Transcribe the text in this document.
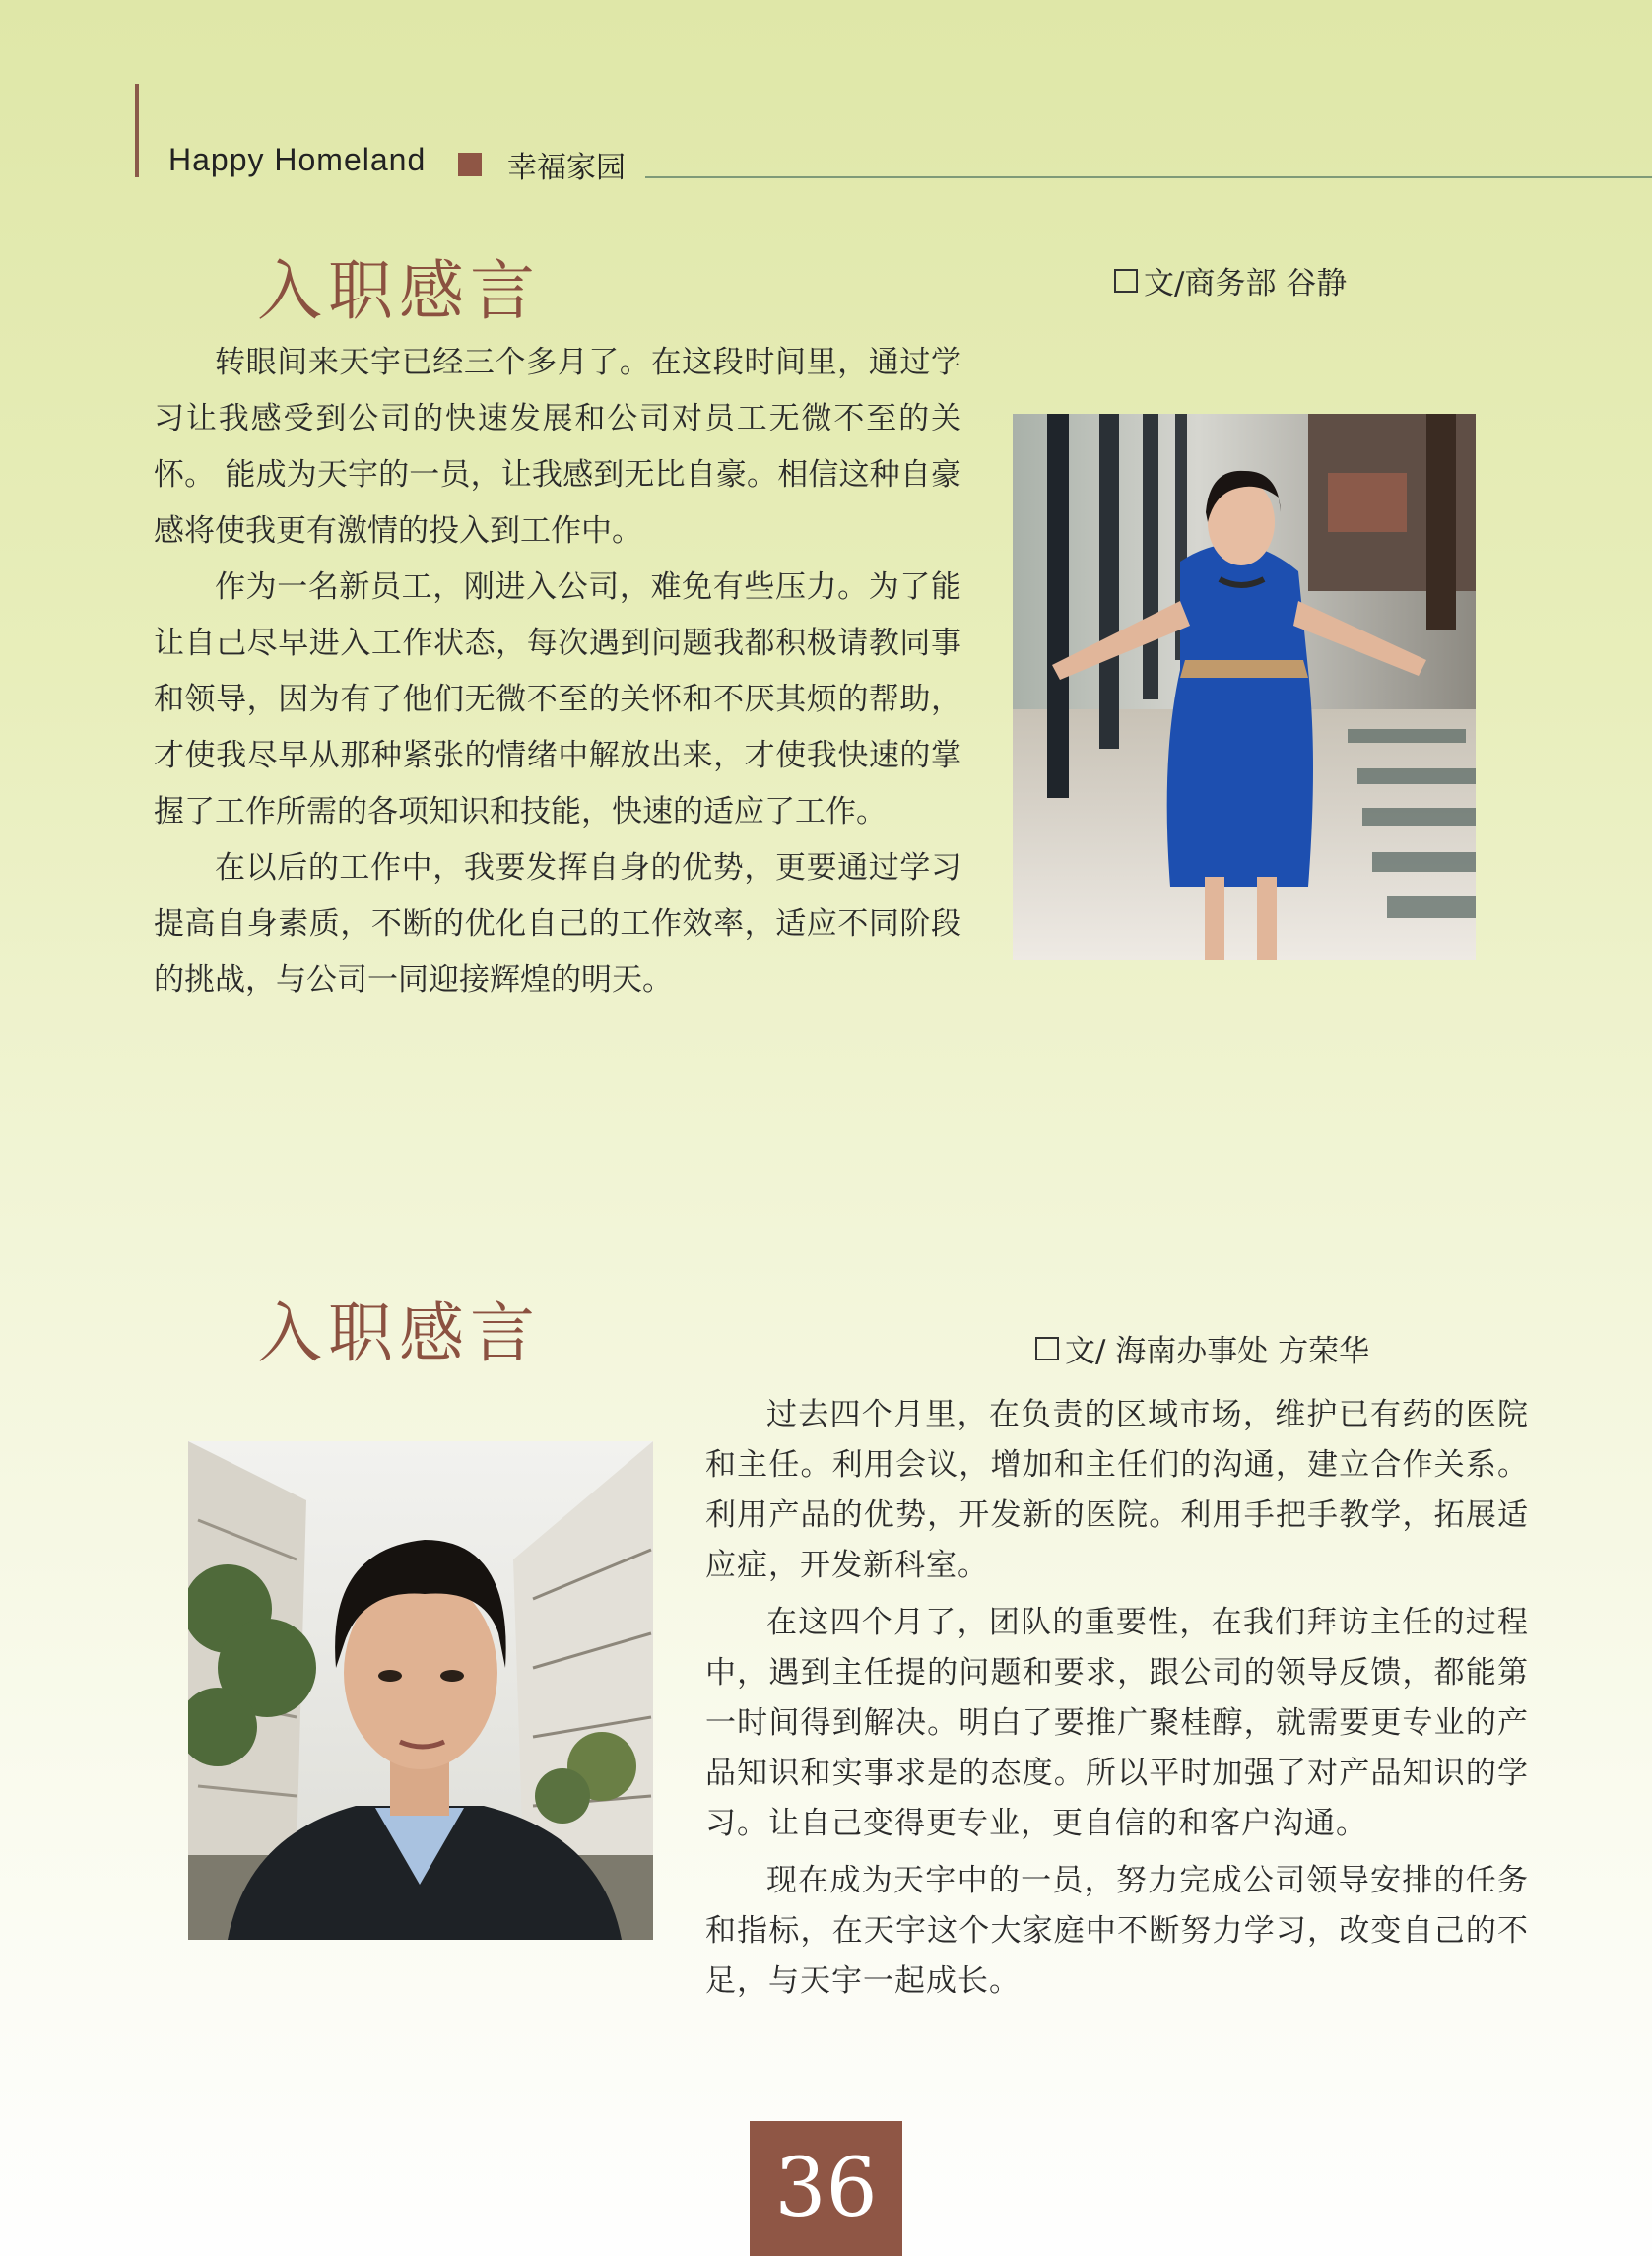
Happy Homeland	幸福家园
入职感言	文/商务部 谷静

转眼间来天宇已经三个多月了。在这段时间里，通过学习让我感受到公司的快速发展和公司对员工无微不至的关怀。 能成为天宇的一员，让我感到无比自豪。相信这种自豪感将使我更有激情的投入到工作中。

作为一名新员工，刚进入公司，难免有些压力。为了能让自己尽早进入工作状态，每次遇到问题我都积极请教同事和领导，因为有了他们无微不至的关怀和不厌其烦的帮助，才使我尽早从那种紧张的情绪中解放出来，才使我快速的掌握了工作所需的各项知识和技能，快速的适应了工作。

在以后的工作中，我要发挥自身的优势，更要通过学习提高自身素质，不断的优化自己的工作效率，适应不同阶段的挑战，与公司一同迎接辉煌的明天。

入职感言	文/ 海南办事处 方荣华

过去四个月里，在负责的区域市场，维护已有药的医院和主任。利用会议，增加和主任们的沟通，建立合作关系。利用产品的优势，开发新的医院。利用手把手教学，拓展适应症，开发新科室。

在这四个月了，团队的重要性，在我们拜访主任的过程中，遇到主任提的问题和要求，跟公司的领导反馈，都能第一时间得到解决。明白了要推广聚桂醇，就需要更专业的产品知识和实事求是的态度。所以平时加强了对产品知识的学习。让自己变得更专业，更自信的和客户沟通。

现在成为天宇中的一员，努力完成公司领导安排的任务和指标，在天宇这个大家庭中不断努力学习，改变自己的不足，与天宇一起成长。

36
